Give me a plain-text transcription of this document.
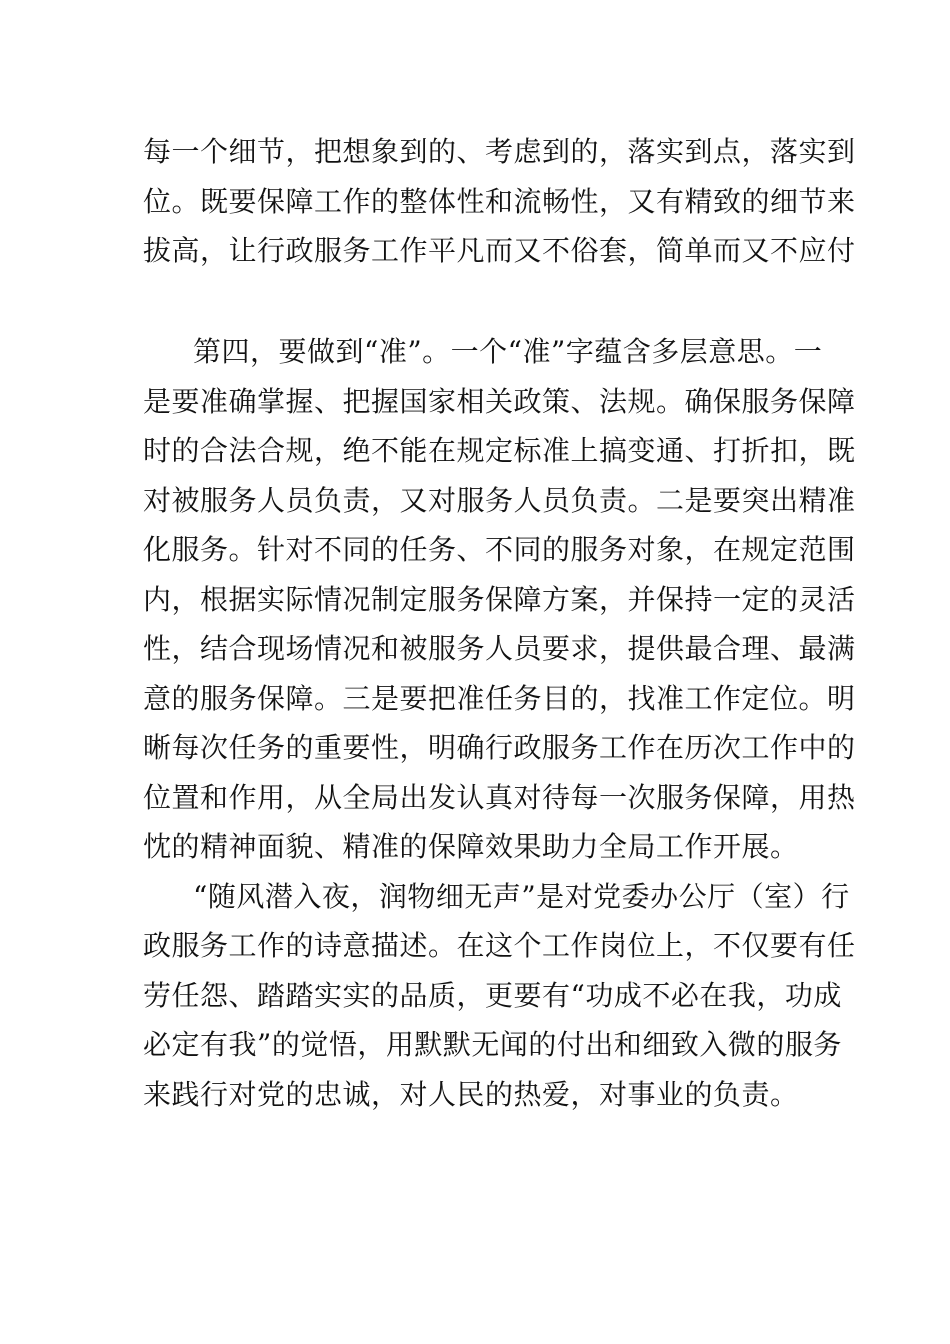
每一个细节，把想象到的、考虑到的，落实到点，落实到
位。既要保障工作的整体性和流畅性，又有精致的细节来
拔高，让行政服务工作平凡而又不俗套，简单而又不应付
第四，要做到“准”。一个“准”字蕴含多层意思。一
是要准确掌握、把握国家相关政策、法规。确保服务保障
时的合法合规，绝不能在规定标准上搞变通、打折扣，既
对被服务人员负责，又对服务人员负责。二是要突出精准
化服务。针对不同的任务、不同的服务对象，在规定范围
内，根据实际情况制定服务保障方案，并保持一定的灵活
性，结合现场情况和被服务人员要求，提供最合理、最满
意的服务保障。三是要把准任务目的，找准工作定位。明
晰每次任务的重要性，明确行政服务工作在历次工作中的
位置和作用，从全局出发认真对待每一次服务保障，用热
忱的精神面貌、精准的保障效果助力全局工作开展。
“随风潜入夜，润物细无声”是对党委办公厅（室）行
政服务工作的诗意描述。在这个工作岗位上，不仅要有任
劳任怨、踏踏实实的品质，更要有“功成不必在我，功成
必定有我”的觉悟，用默默无闻的付出和细致入微的服务
来践行对党的忠诚，对人民的热爱，对事业的负责。
